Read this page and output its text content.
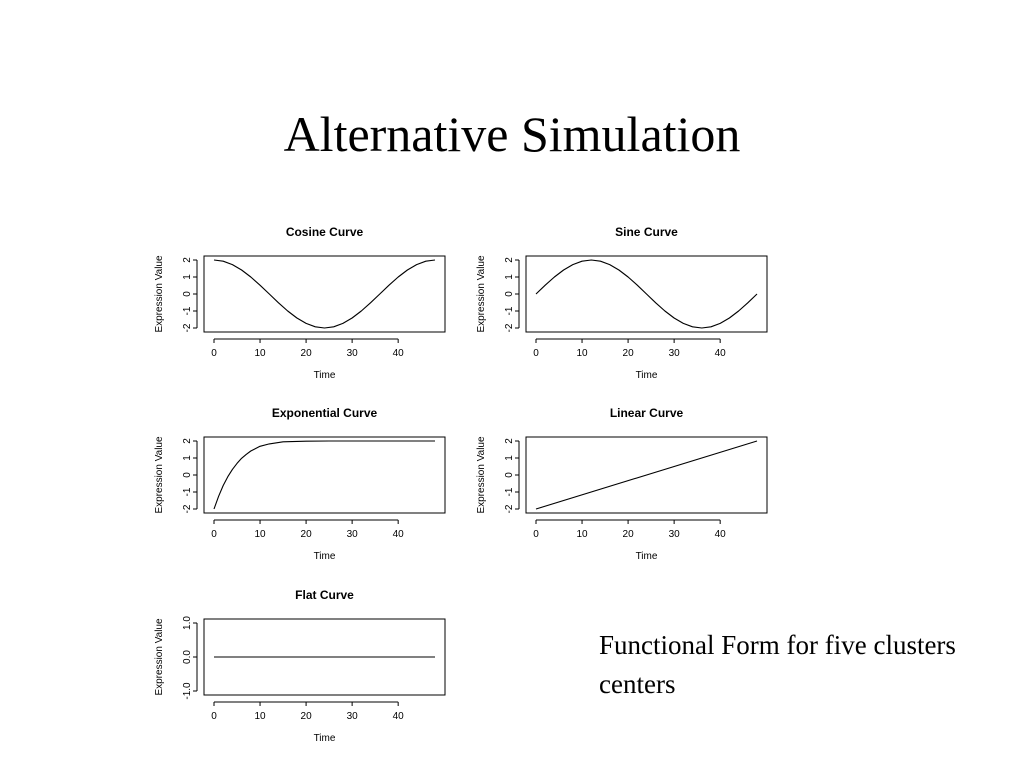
Alternative Simulation
Cosine Curve
-2
-1
0
1
2
0	10	20	30	40
Time
Expression Value
Sine Curve
-2
-1
0
1
2
0	10	20	30	40
Time
Expression Value
Exponential Curve
-2
-1
0
1
2
0	10	20	30	40
Time
Expression Value
Linear Curve
-2
-1
0
1
2
0	10	20	30	40
Time
Expression Value
Flat Curve
-1.0
0.0
1.0
0	10	20	30	40
Time
Expression Value	Functional Form for five clusters centers
